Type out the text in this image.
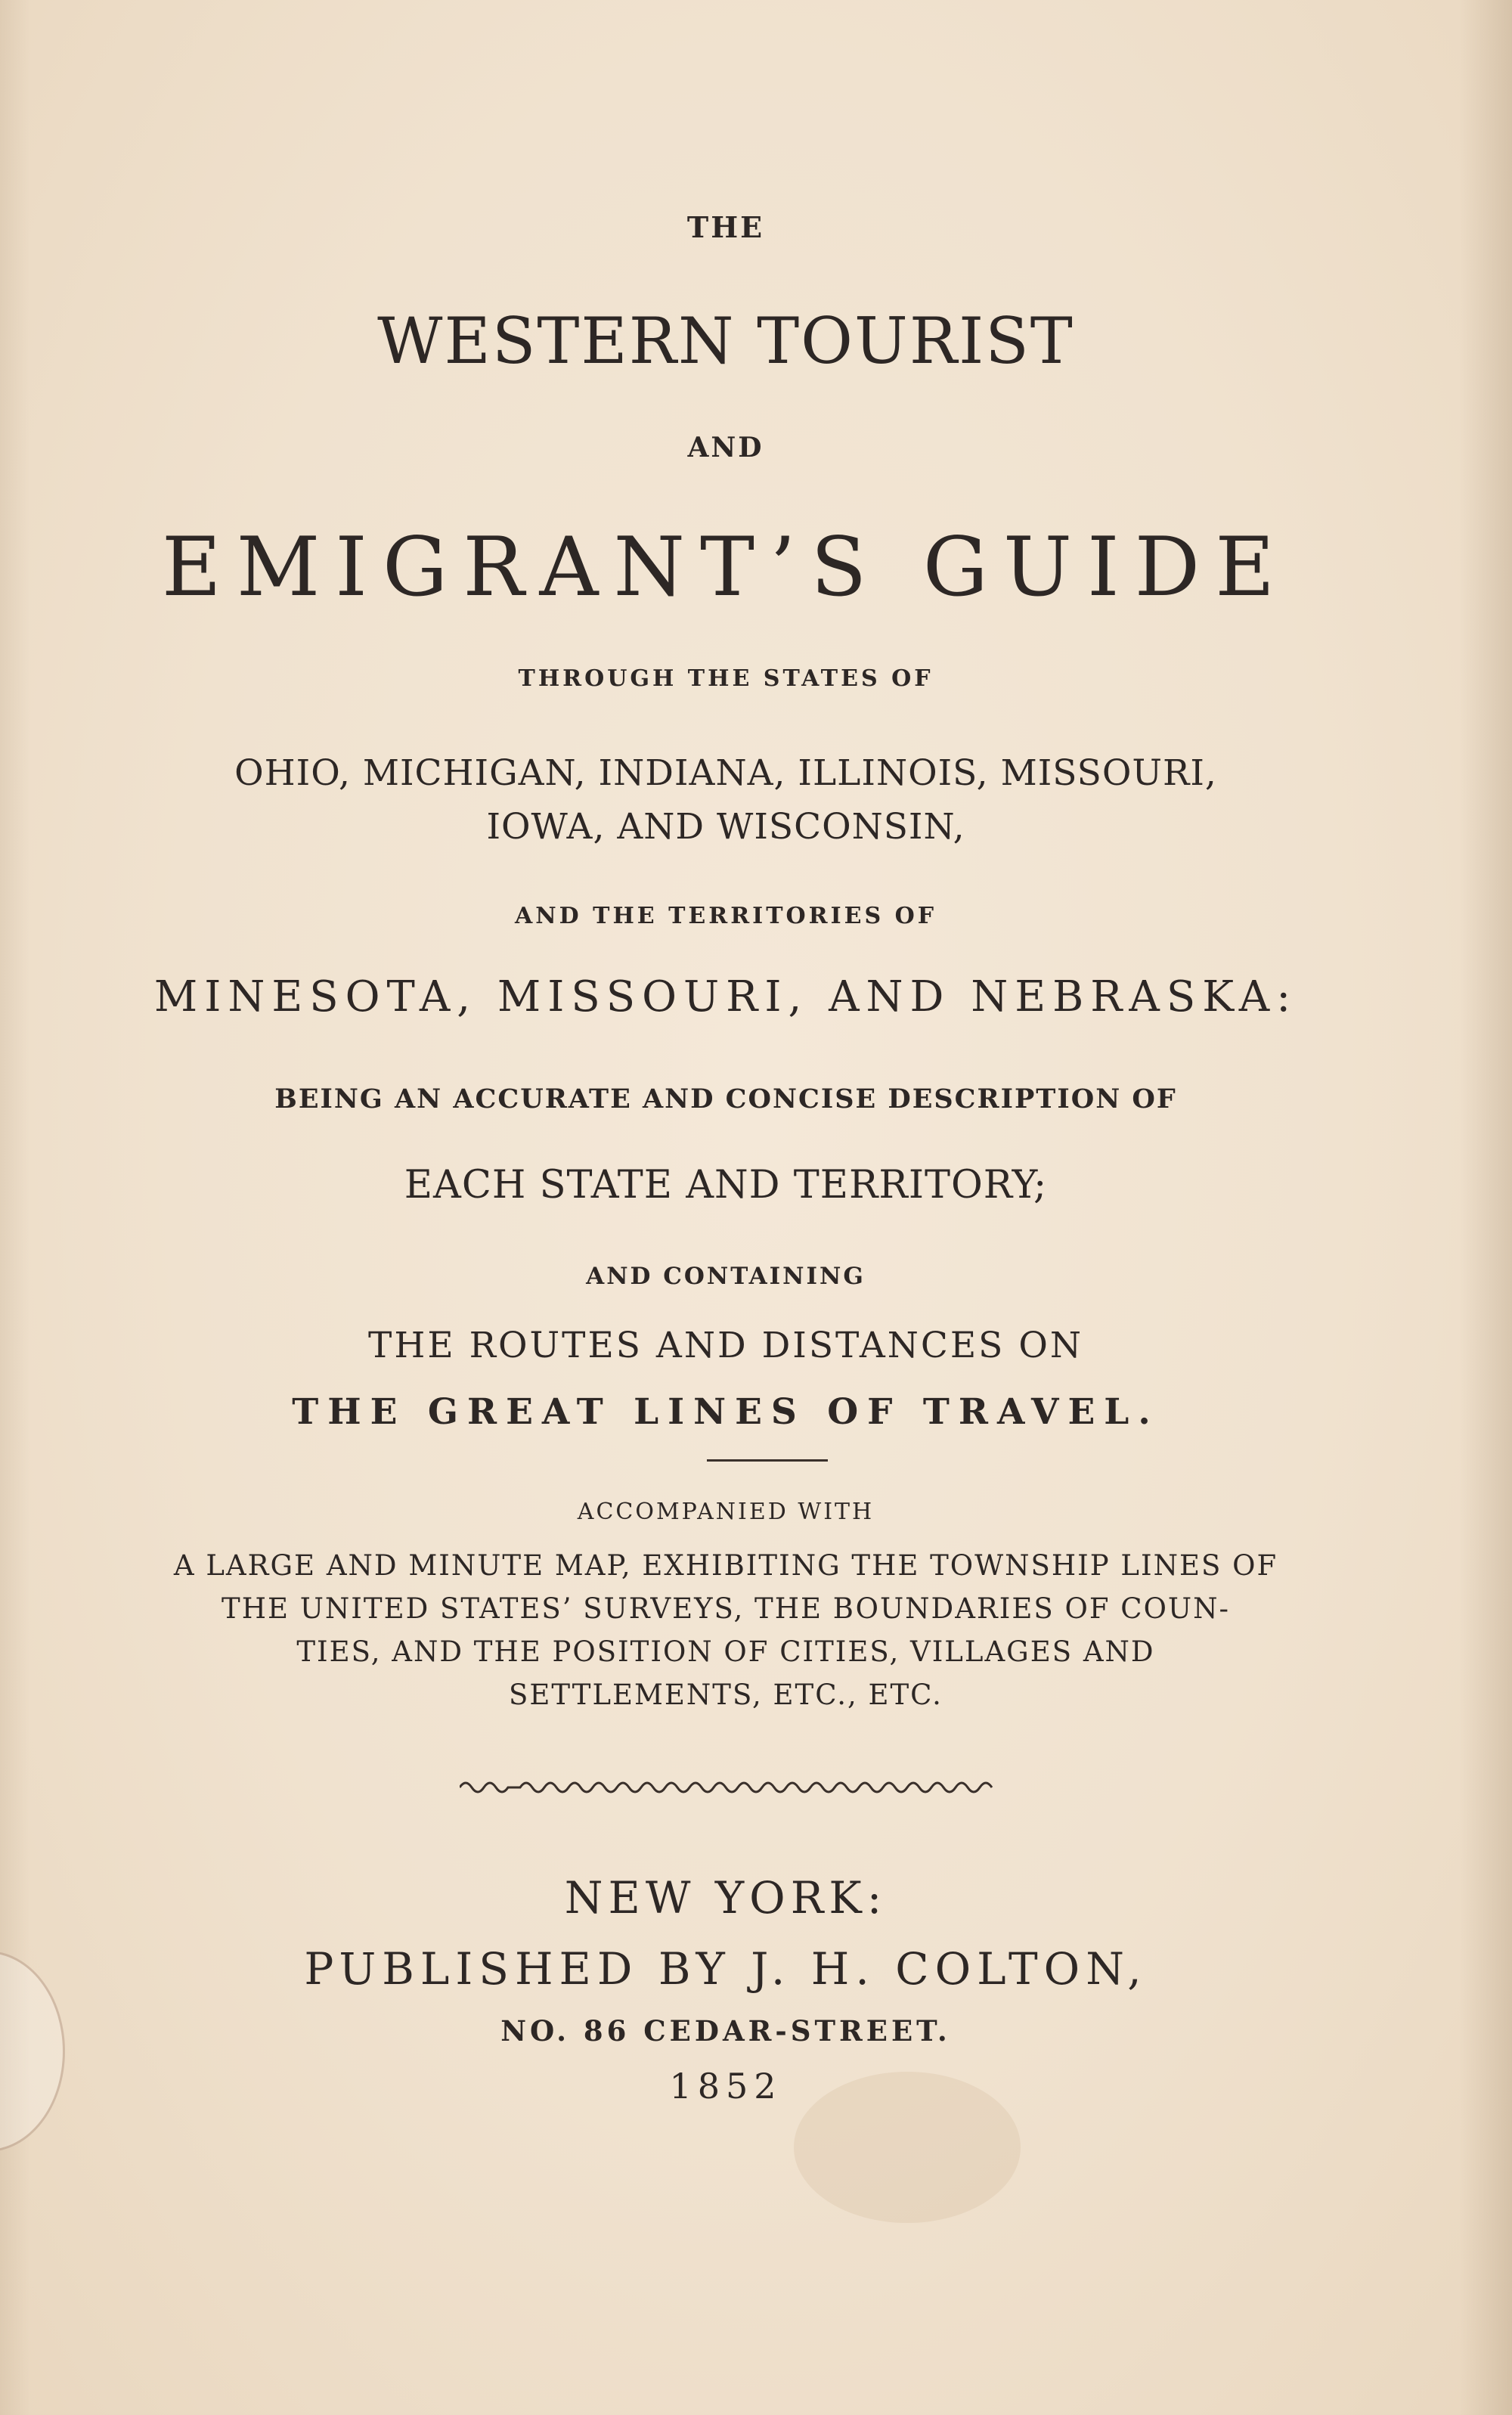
THE
WESTERN TOURIST
AND
EMIGRANT’S GUIDE
THROUGH THE STATES OF
OHIO, MICHIGAN, INDIANA, ILLINOIS, MISSOURI,
IOWA, AND WISCONSIN,
AND THE TERRITORIES OF
MINESOTA, MISSOURI, AND NEBRASKA:
BEING AN ACCURATE AND CONCISE DESCRIPTION OF
EACH STATE AND TERRITORY;
AND CONTAINING
THE ROUTES AND DISTANCES ON
THE GREAT LINES OF TRAVEL.
ACCOMPANIED WITH
A LARGE AND MINUTE MAP, EXHIBITING THE TOWNSHIP LINES OF
THE UNITED STATES’ SURVEYS, THE BOUNDARIES OF COUN-
TIES, AND THE POSITION OF CITIES, VILLAGES AND
SETTLEMENTS, ETC., ETC.
NEW YORK:
PUBLISHED BY J. H. COLTON,
NO. 86 CEDAR-STREET.
1852
